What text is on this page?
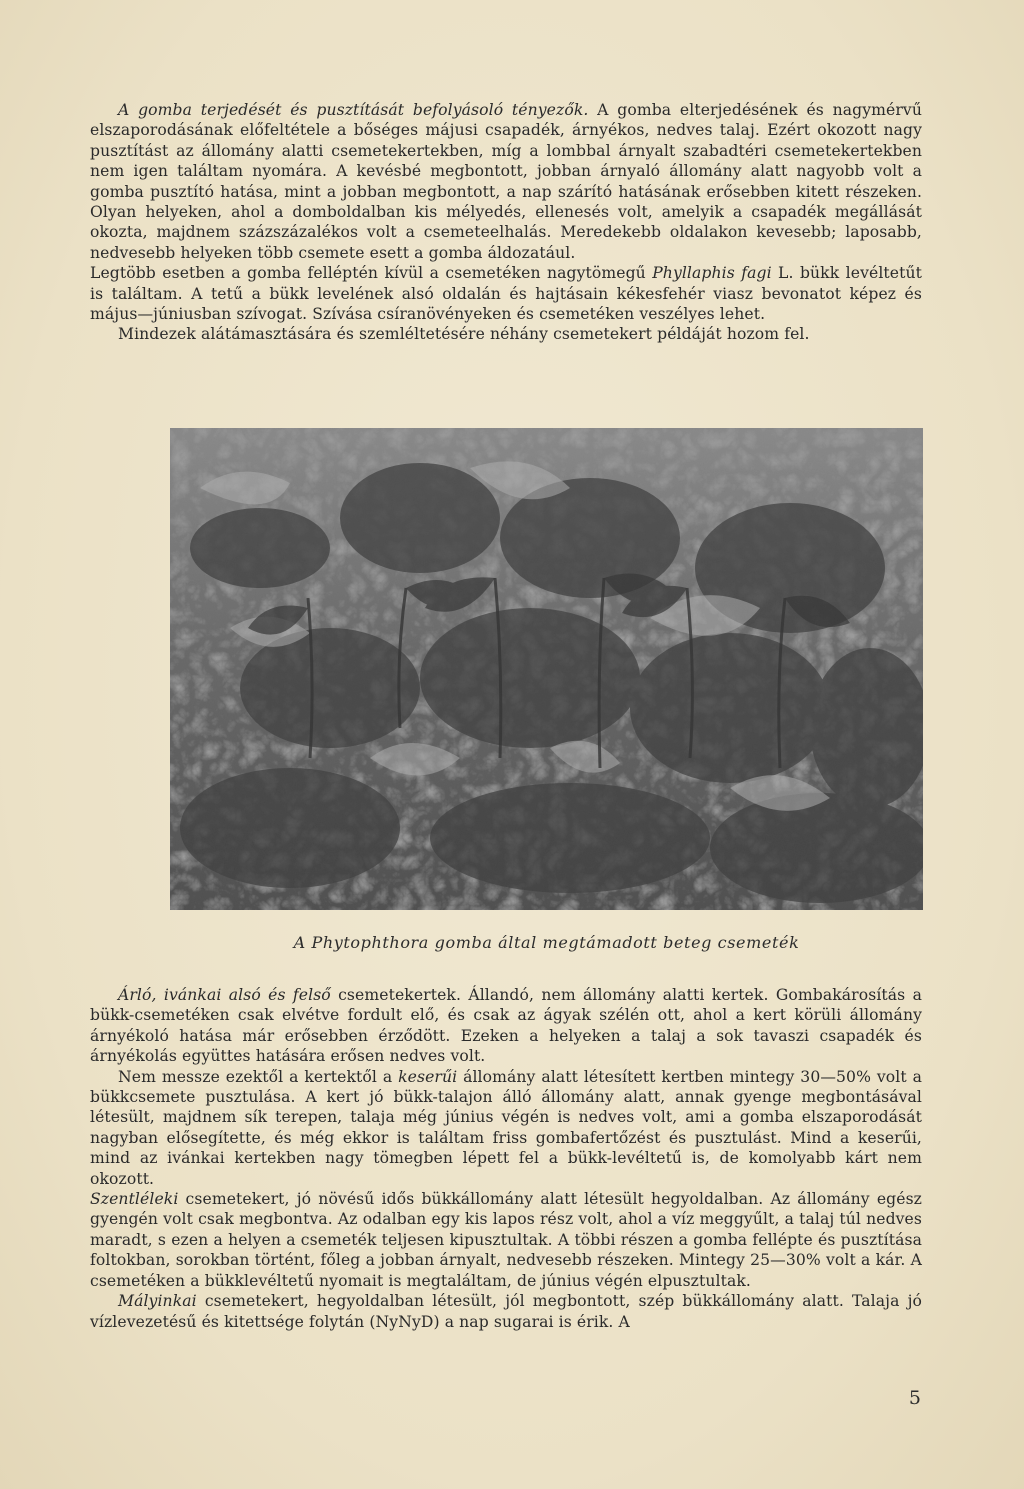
A gomba terjedését és pusztítását befolyásoló tényezők. A gomba elterjedésének és nagymérvű elszaporodásának előfeltétele a bőséges májusi csapadék, árnyékos, nedves talaj. Ezért okozott nagy pusztítást az állomány alatti csemetekertekben, míg a lombbal árnyalt szabadtéri csemetekertekben nem igen találtam nyomára. A kevésbé megbontott, jobban árnyaló állomány alatt nagyobb volt a gomba pusztító hatása, mint a jobban megbontott, a nap szárító hatásának erősebben kitett részeken. Olyan helyeken, ahol a domboldalban kis mélyedés, ellenesés volt, amelyik a csapadék megállását okozta, majdnem százszázalékos volt a csemeteelhalás. Meredekebb oldalakon kevesebb; laposabb, nedvesebb helyeken több csemete esett a gomba áldozatául.

Legtöbb esetben a gomba felléptén kívül a csemetéken nagytömegű Phyllaphis fagi L. bükk levéltetűt is találtam. A tetű a bükk levelének alsó oldalán és hajtásain kékesfehér viasz bevonatot képez és május—júniusban szívogat. Szívása csíranövényeken és csemetéken veszélyes lehet.

Mindezek alátámasztására és szemléltetésére néhány csemetekert példáját hozom fel.

A Phytophthora gomba által megtámadott beteg csemeték

Árló, ivánkai alsó és felső csemetekertek. Állandó, nem állomány alatti kertek. Gombakárosítás a bükk-csemetéken csak elvétve fordult elő, és csak az ágyak szélén ott, ahol a kert körüli állomány árnyékoló hatása már erősebben érződött. Ezeken a helyeken a talaj a sok tavaszi csapadék és árnyékolás együttes hatására erősen nedves volt.

Nem messze ezektől a kertektől a keserűi állomány alatt létesített kertben mintegy 30—50% volt a bükkcsemete pusztulása. A kert jó bükk-talajon álló állomány alatt, annak gyenge megbontásával létesült, majdnem sík terepen, talaja még június végén is nedves volt, ami a gomba elszaporodását nagyban elősegítette, és még ekkor is találtam friss gombafertőzést és pusztulást. Mind a keserűi, mind az ivánkai kertekben nagy tömegben lépett fel a bükk-levéltetű is, de komolyabb kárt nem okozott.

Szentléleki csemetekert, jó növésű idős bükkállomány alatt létesült hegyoldalban. Az állomány egész gyengén volt csak megbontva. Az odalban egy kis lapos rész volt, ahol a víz meggyűlt, a talaj túl nedves maradt, s ezen a helyen a csemeték teljesen kipusztultak. A többi részen a gomba fellépte és pusztítása foltokban, sorokban történt, főleg a jobban árnyalt, nedvesebb részeken. Mintegy 25—30% volt a kár. A csemetéken a bükklevéltetű nyomait is megtaláltam, de június végén elpusztultak.

Mályinkai csemetekert, hegyoldalban létesült, jól megbontott, szép bükkállomány alatt. Talaja jó vízlevezetésű és kitettsége folytán (NyNyD) a nap sugarai is érik. A

5
